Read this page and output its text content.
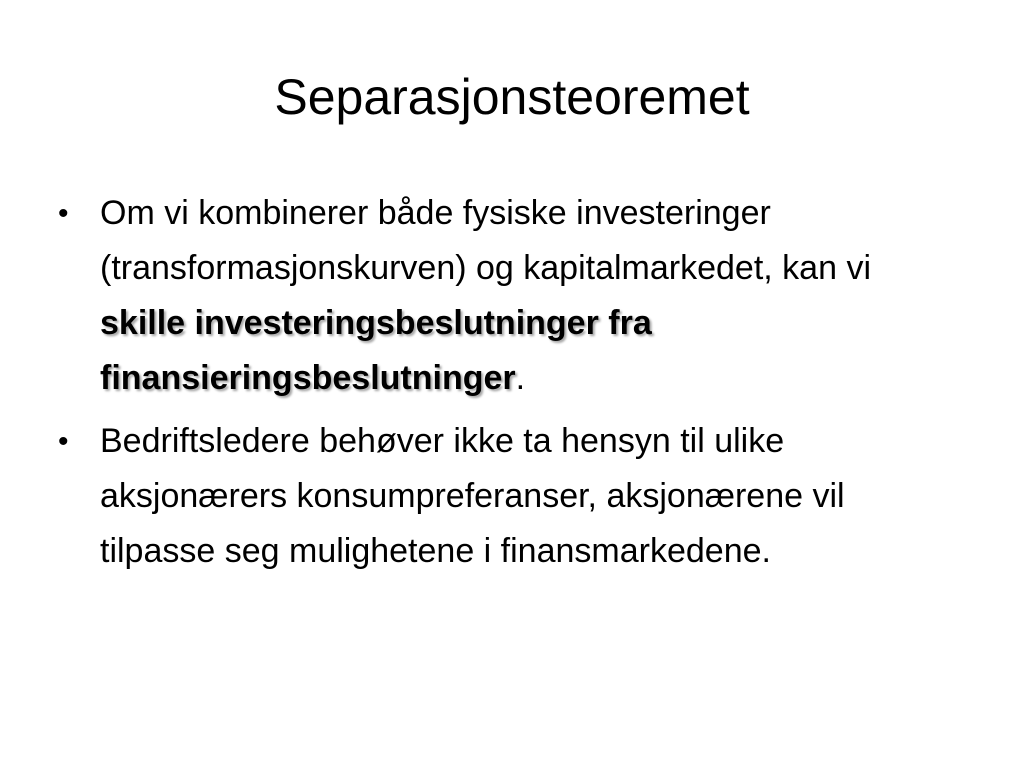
Separasjonsteoremet
• Om vi kombinerer både fysiske investeringer (transformasjonskurven) og kapitalmarkedet, kan vi skille investeringsbeslutninger fra finansieringsbeslutninger.
• Bedriftsledere behøver ikke ta hensyn til ulike aksjonærers konsumpreferanser, aksjonærene vil tilpasse seg mulighetene i finansmarkedene.
